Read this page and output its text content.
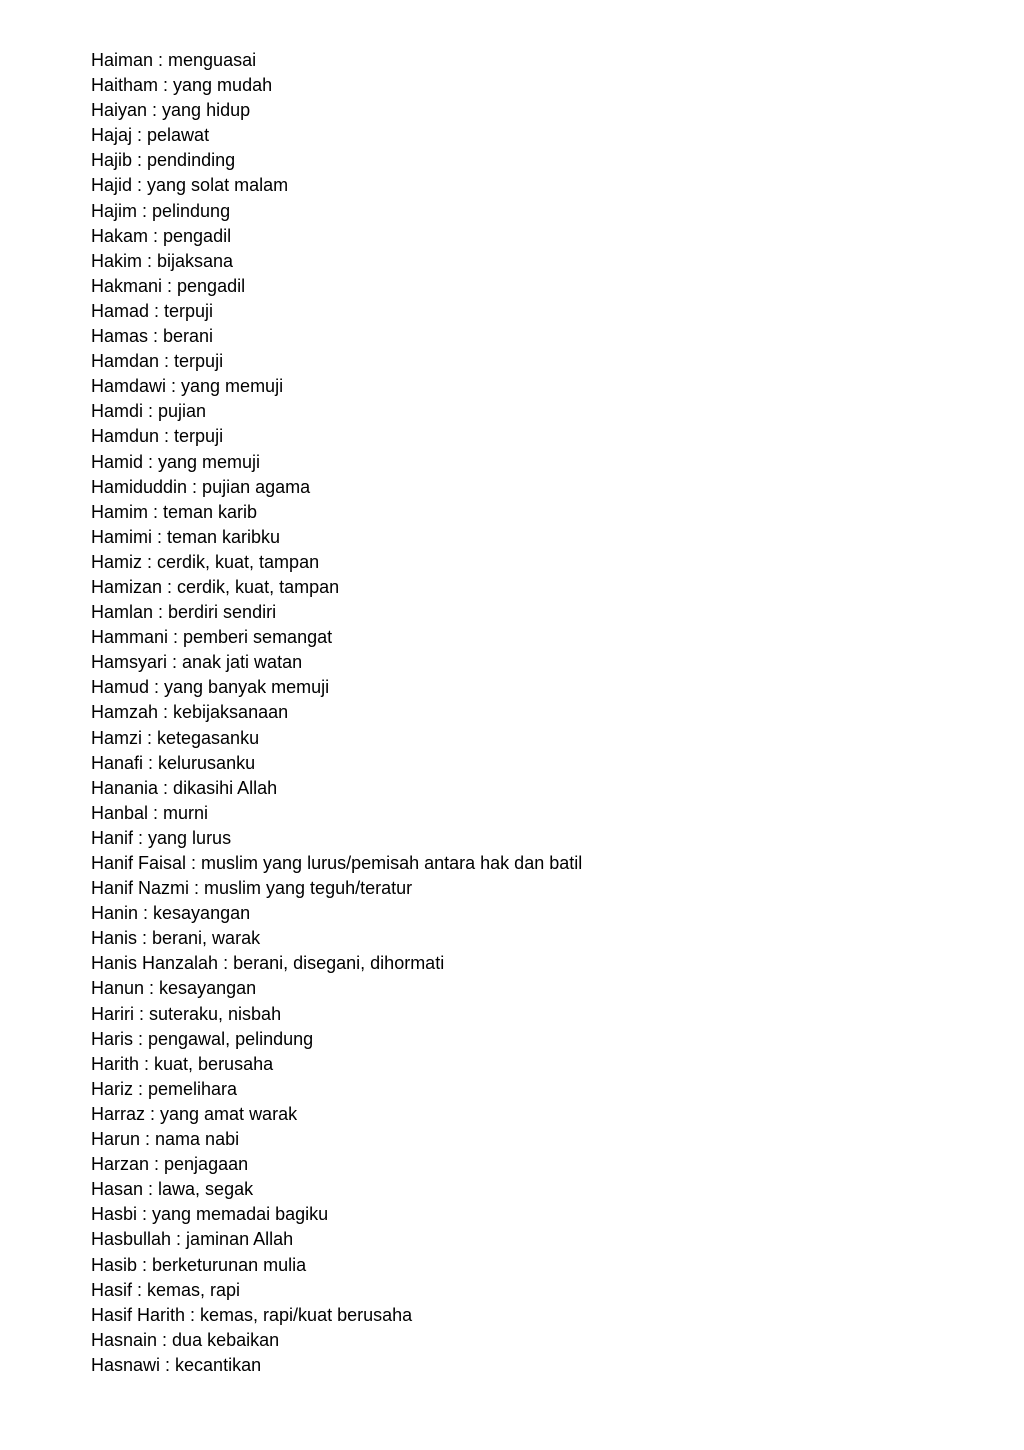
Haiman : menguasai
Haitham : yang mudah
Haiyan : yang hidup
Hajaj : pelawat
Hajib : pendinding
Hajid : yang solat malam
Hajim : pelindung
Hakam : pengadil
Hakim : bijaksana
Hakmani : pengadil
Hamad : terpuji
Hamas : berani
Hamdan : terpuji
Hamdawi : yang memuji
Hamdi : pujian
Hamdun : terpuji
Hamid : yang memuji
Hamiduddin : pujian agama
Hamim : teman karib
Hamimi : teman karibku
Hamiz : cerdik, kuat, tampan
Hamizan : cerdik, kuat, tampan
Hamlan : berdiri sendiri
Hammani : pemberi semangat
Hamsyari : anak jati watan
Hamud : yang banyak memuji
Hamzah : kebijaksanaan
Hamzi : ketegasanku
Hanafi : kelurusanku
Hanania : dikasihi Allah
Hanbal : murni
Hanif : yang lurus
Hanif Faisal : muslim yang lurus/pemisah antara hak dan batil
Hanif Nazmi : muslim yang teguh/teratur
Hanin : kesayangan
Hanis : berani, warak
Hanis Hanzalah : berani, disegani, dihormati
Hanun : kesayangan
Hariri : suteraku, nisbah
Haris : pengawal, pelindung
Harith : kuat, berusaha
Hariz : pemelihara
Harraz : yang amat warak
Harun : nama nabi
Harzan : penjagaan
Hasan : lawa, segak
Hasbi : yang memadai bagiku
Hasbullah : jaminan Allah
Hasib : berketurunan mulia
Hasif : kemas, rapi
Hasif Harith : kemas, rapi/kuat berusaha
Hasnain : dua kebaikan
Hasnawi : kecantikan
